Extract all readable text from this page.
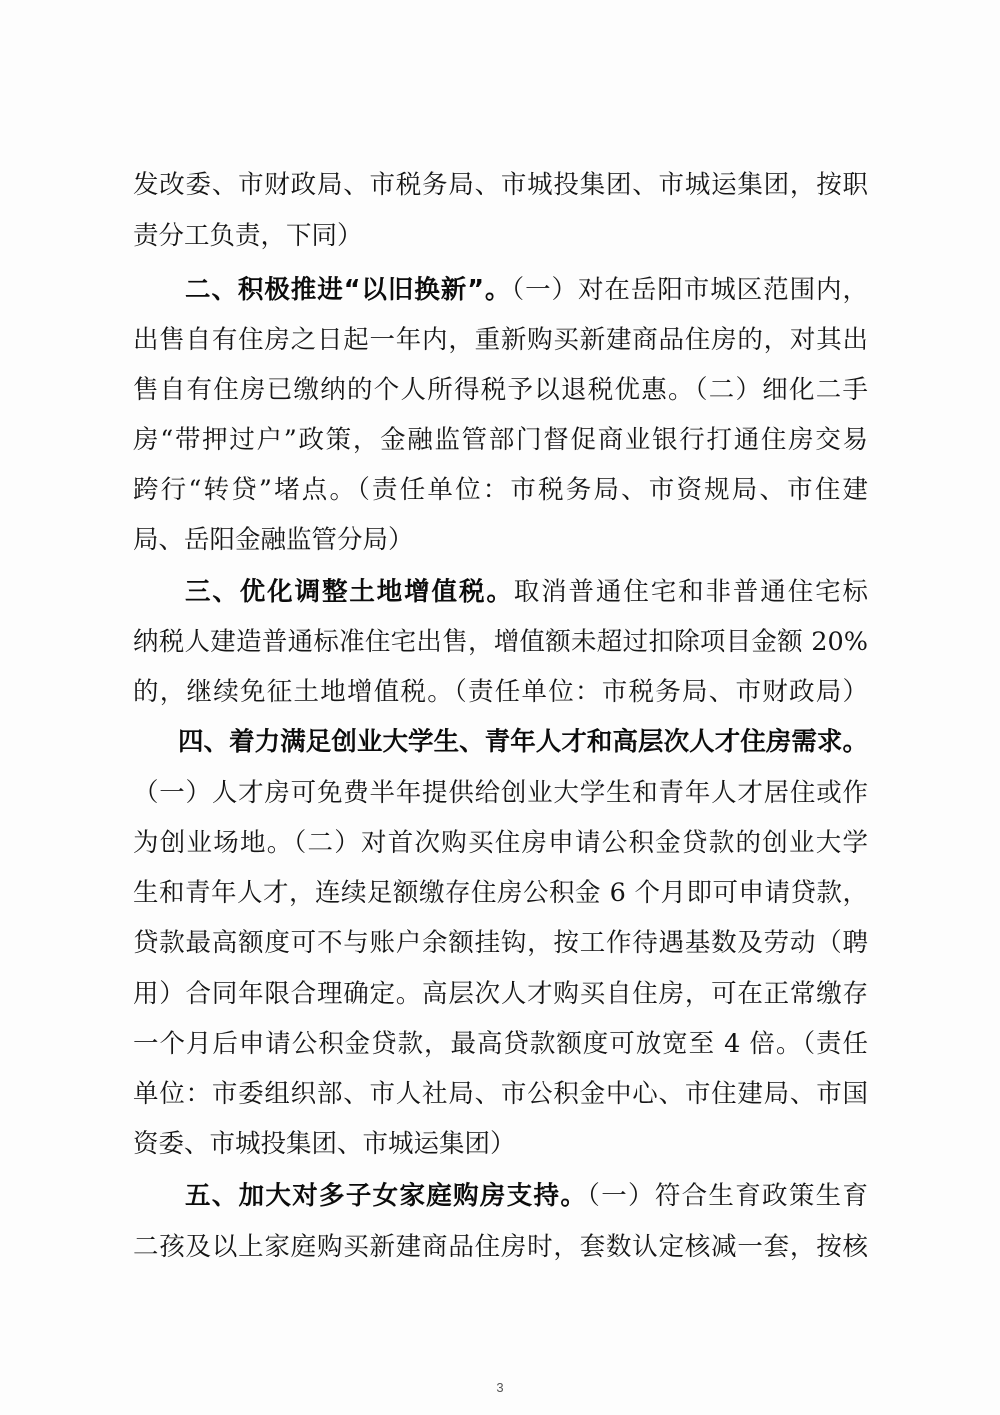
发改委、市财政局、市税务局、市城投集团、市城运集团，按职
责分工负责，下同）
二、积极推进“以旧换新”。（一）对在岳阳市城区范围内，
出售自有住房之日起一年内，重新购买新建商品住房的，对其出
售自有住房已缴纳的个人所得税予以退税优惠。（二）细化二手
房“带押过户”政策，金融监管部门督促商业银行打通住房交易
跨行“转贷”堵点。（责任单位：市税务局、市资规局、市住建
局、岳阳金融监管分局）
三、优化调整土地增值税。取消普通住宅和非普通住宅标
纳税人建造普通标准住宅出售，增值额未超过扣除项目金额 20%
的，继续免征土地增值税。（责任单位：市税务局、市财政局）
四、着力满足创业大学生、青年人才和高层次人才住房需求。
（一）人才房可免费半年提供给创业大学生和青年人才居住或作
为创业场地。（二）对首次购买住房申请公积金贷款的创业大学
生和青年人才，连续足额缴存住房公积金 6 个月即可申请贷款，
贷款最高额度可不与账户余额挂钩，按工作待遇基数及劳动（聘
用）合同年限合理确定。高层次人才购买自住房，可在正常缴存
一个月后申请公积金贷款，最高贷款额度可放宽至 4 倍。（责任
单位：市委组织部、市人社局、市公积金中心、市住建局、市国
资委、市城投集团、市城运集团）
五、加大对多子女家庭购房支持。（一）符合生育政策生育
二孩及以上家庭购买新建商品住房时，套数认定核减一套，按核
3
